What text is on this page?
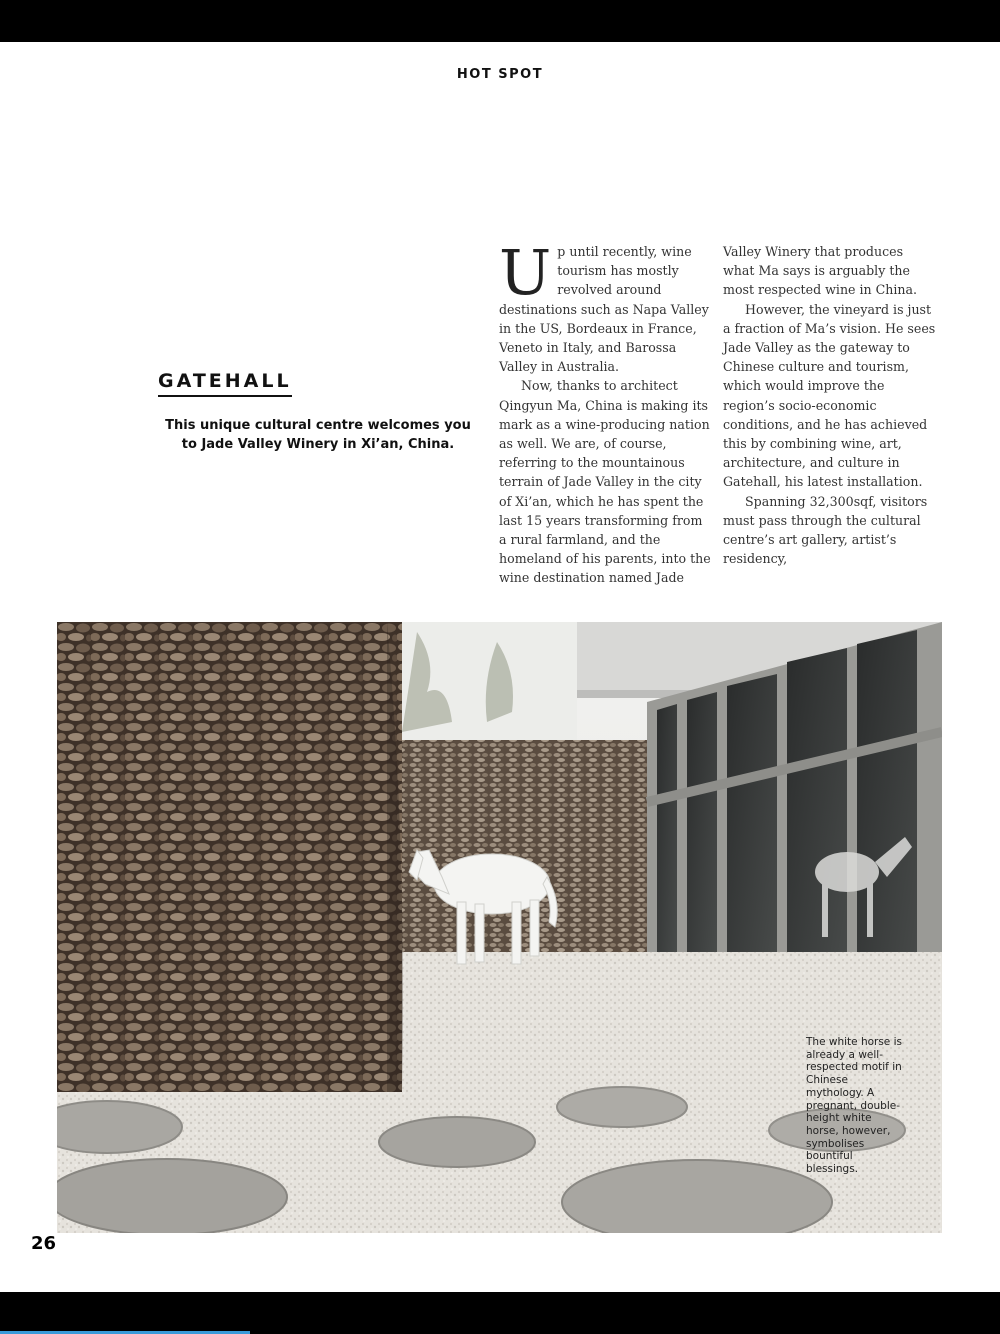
HOT SPOT
GATEHALL
This unique cultural centre welcomes you to Jade Valley Winery in Xi’an, China.

Up until recently, wine tourism has mostly revolved around destinations such as Napa Valley in the US, Bordeaux in France, Veneto in Italy, and Barossa Valley in Australia.

Now, thanks to architect Qingyun Ma, China is making its mark as a wine-producing nation as well. We are, of course, referring to the mountainous terrain of Jade Valley in the city of Xi’an, which he has spent the last 15 years transforming from a rural farmland, and the homeland of his parents, into the wine destination named Jade

Valley Winery that produces what Ma says is arguably the most respected wine in China.

However, the vineyard is just a fraction of Ma’s vision. He sees Jade Valley as the gateway to Chinese culture and tourism, which would improve the region’s socio-economic conditions, and he has achieved this by combining wine, art, architecture, and culture in Gatehall, his latest installation.

Spanning 32,300sqf, visitors must pass through the cultural centre’s art gallery, artist’s residency,

The white horse is already a well-respected motif in Chinese mythology. A pregnant, double-height white horse, however, symbolises bountiful blessings.
26
